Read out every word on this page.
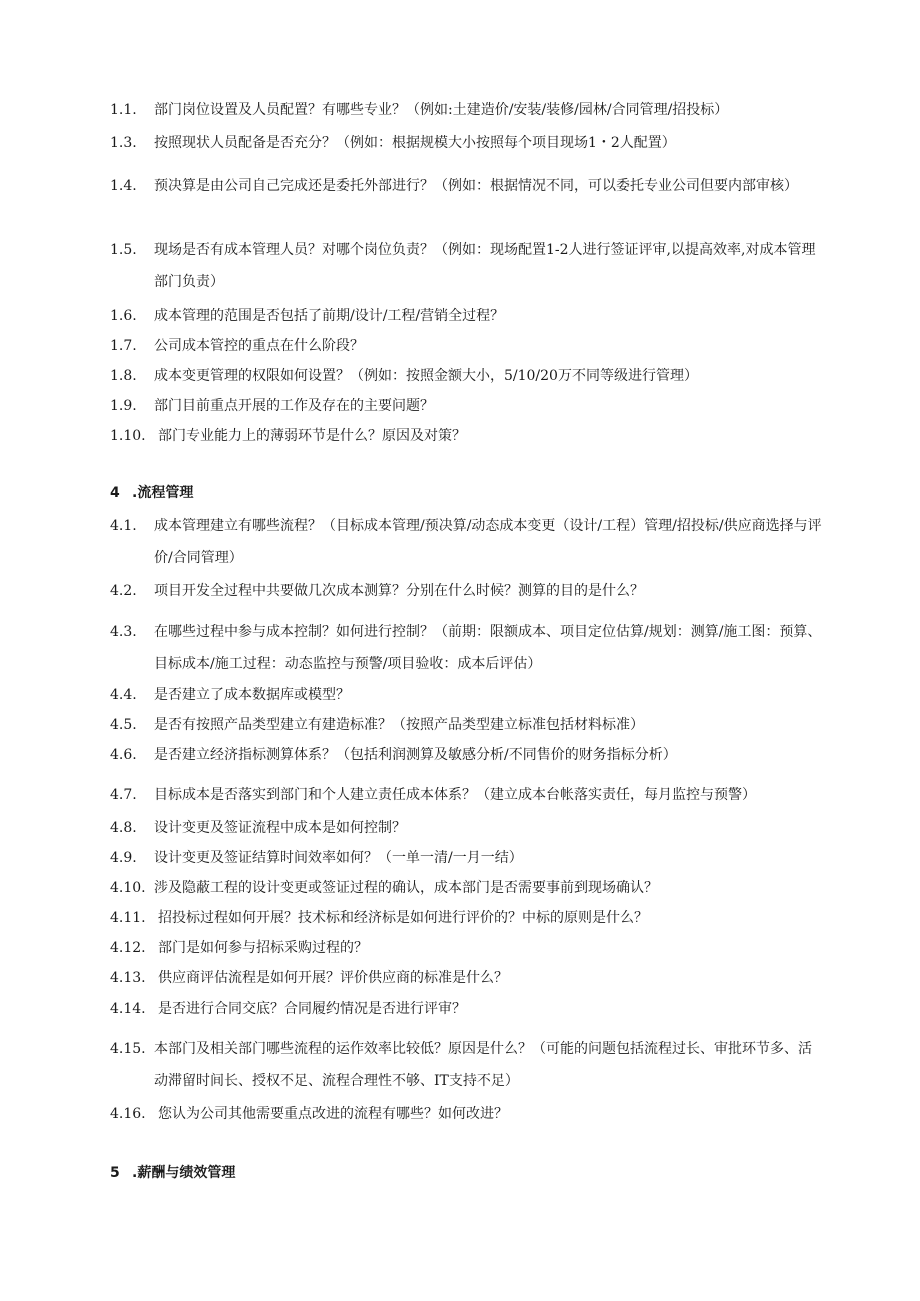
1.1. 部门岗位设置及人员配置？有哪些专业？（例如:土建造价/安装/装修/园林/合同管理/招投标）
1.3. 按照现状人员配备是否充分？（例如：根据规模大小按照每个项目现场1・2人配置）
1.4. 预决算是由公司自己完成还是委托外部进行？（例如：根据情况不同，可以委托专业公司但要内部审核）
1.5. 现场是否有成本管理人员？对哪个岗位负责？（例如：现场配置1-2人进行签证评审,以提高效率,对成本管理部门负责）
1.6. 成本管理的范围是否包括了前期/设计/工程/营销全过程？
1.7. 公司成本管控的重点在什么阶段？
1.8. 成本变更管理的权限如何设置？（例如：按照金额大小，5/10/20万不同等级进行管理）
1.9. 部门目前重点开展的工作及存在的主要问题？
1.10. 部门专业能力上的薄弱环节是什么？原因及对策？
4 .流程管理
4.1. 成本管理建立有哪些流程？（目标成本管理/预决算/动态成本变更（设计/工程）管理/招投标/供应商选择与评价/合同管理）
4.2. 项目开发全过程中共要做几次成本测算？分别在什么时候？测算的目的是什么？
4.3. 在哪些过程中参与成本控制？如何进行控制？（前期：限额成本、项目定位估算/规划：测算/施工图：预算、目标成本/施工过程：动态监控与预警/项目验收：成本后评估）
4.4. 是否建立了成本数据库或模型？
4.5. 是否有按照产品类型建立有建造标准？（按照产品类型建立标准包括材料标准）
4.6. 是否建立经济指标测算体系？（包括利润测算及敏感分析/不同售价的财务指标分析）
4.7. 目标成本是否落实到部门和个人建立责任成本体系？（建立成本台帐落实责任，每月监控与预警）
4.8. 设计变更及签证流程中成本是如何控制？
4.9. 设计变更及签证结算时间效率如何？（一单一清/一月一结）
4.10. 涉及隐蔽工程的设计变更或签证过程的确认，成本部门是否需要事前到现场确认？
4.11. 招投标过程如何开展？技术标和经济标是如何进行评价的？中标的原则是什么？
4.12. 部门是如何参与招标采购过程的？
4.13. 供应商评估流程是如何开展？评价供应商的标准是什么？
4.14. 是否进行合同交底？合同履约情况是否进行评审？
4.15. 本部门及相关部门哪些流程的运作效率比较低？原因是什么？（可能的问题包括流程过长、审批环节多、活动滞留时间长、授权不足、流程合理性不够、IT支持不足）
4.16. 您认为公司其他需要重点改进的流程有哪些？如何改进？
5 .薪酬与绩效管理
